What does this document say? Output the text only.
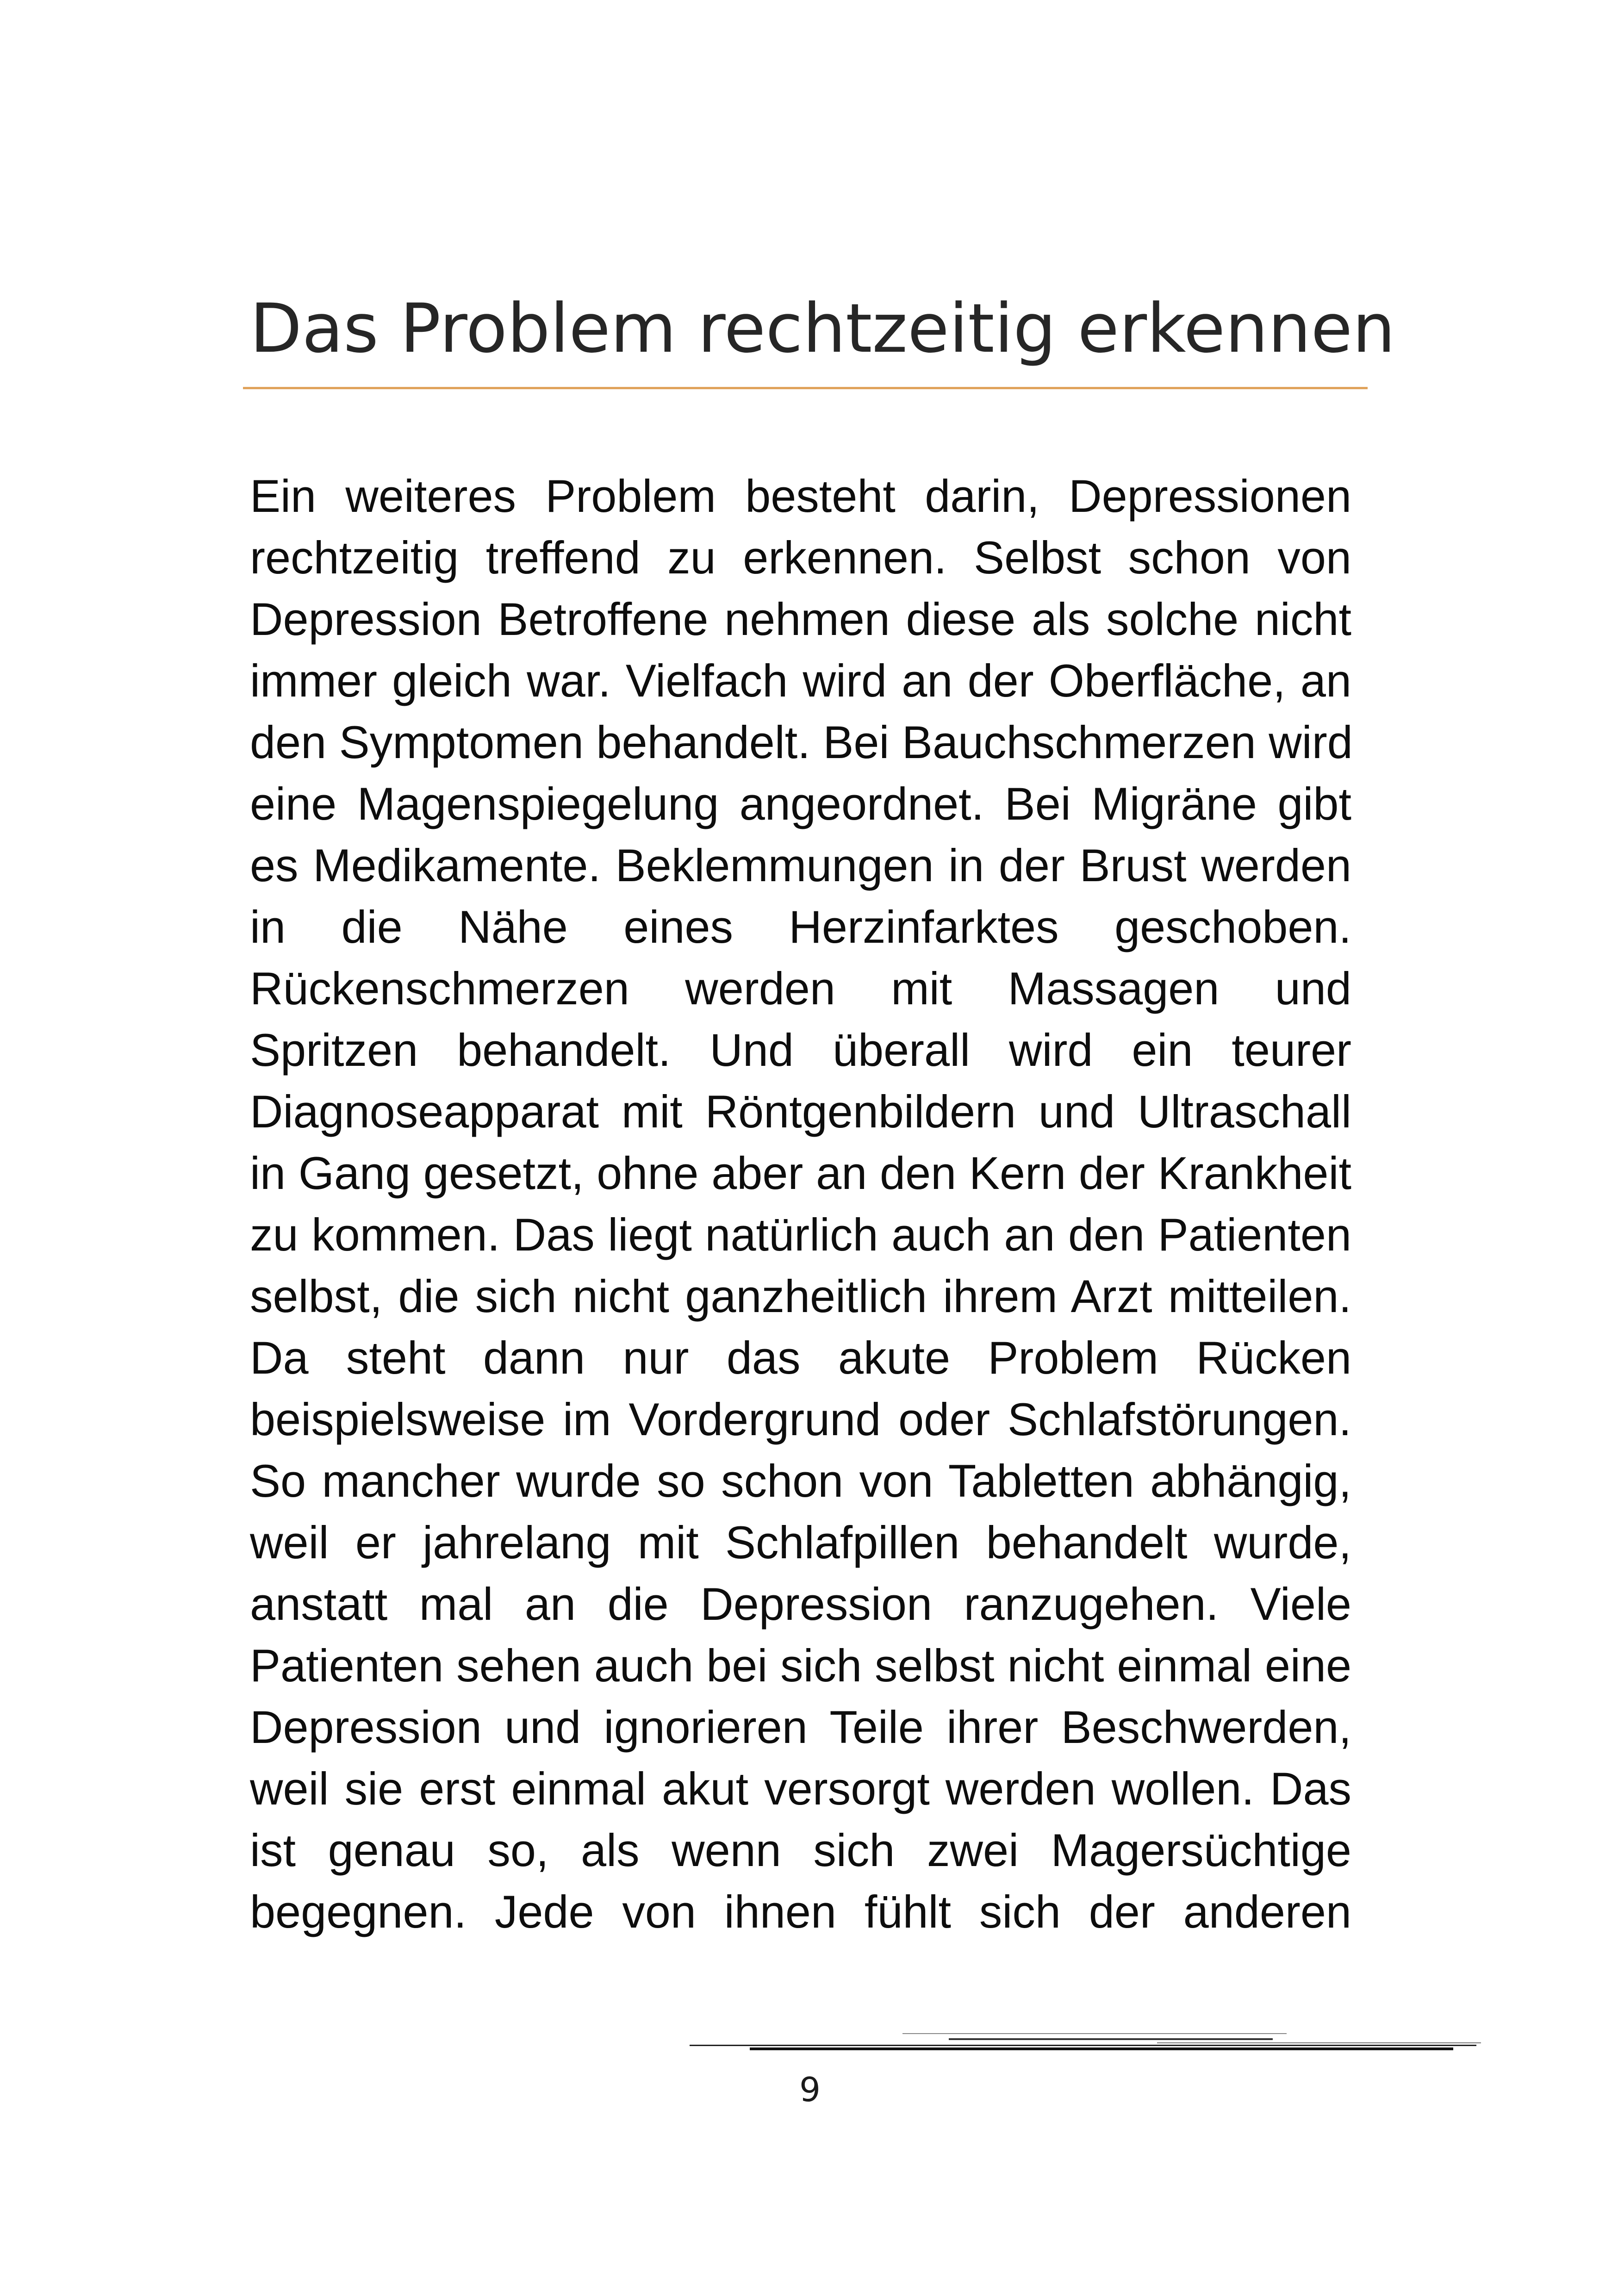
Das Problem rechtzeitig erkennen
Ein weiteres Problem besteht darin, Depressionen
rechtzeitig treffend zu erkennen. Selbst schon von
Depression Betroffene nehmen diese als solche nicht
immer gleich war. Vielfach wird an der Oberfläche, an
den Symptomen behandelt. Bei Bauchschmerzen wird
eine Magenspiegelung angeordnet. Bei Migräne gibt
es Medikamente. Beklemmungen in der Brust werden
in die Nähe eines Herzinfarktes geschoben.
Rückenschmerzen werden mit Massagen und
Spritzen behandelt. Und überall wird ein teurer
Diagnoseapparat mit Röntgenbildern und Ultraschall
in Gang gesetzt, ohne aber an den Kern der Krankheit
zu kommen. Das liegt natürlich auch an den Patienten
selbst, die sich nicht ganzheitlich ihrem Arzt mitteilen.
Da steht dann nur das akute Problem Rücken
beispielsweise im Vordergrund oder Schlafstörungen.
So mancher wurde so schon von Tabletten abhängig,
weil er jahrelang mit Schlafpillen behandelt wurde,
anstatt mal an die Depression ranzugehen. Viele
Patienten sehen auch bei sich selbst nicht einmal eine
Depression und ignorieren Teile ihrer Beschwerden,
weil sie erst einmal akut versorgt werden wollen. Das
ist genau so, als wenn sich zwei Magersüchtige
begegnen. Jede von ihnen fühlt sich der anderen
9
